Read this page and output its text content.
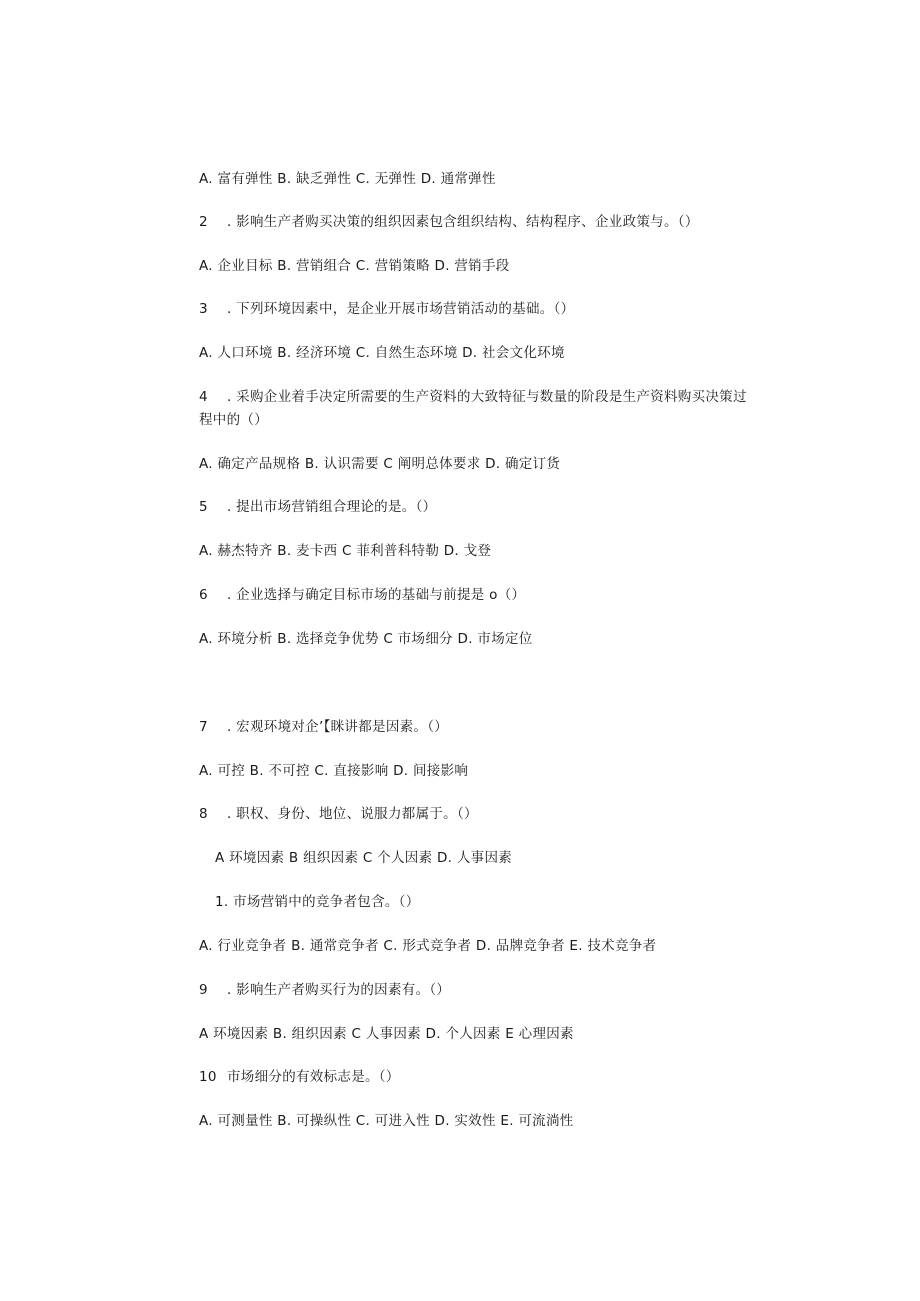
A. 富有弹性 B. 缺乏弹性 C. 无弹性 D. 通常弹性
2 . 影响生产者购买决策的组织因素包含组织结构、结构程序、企业政策与。（）
A. 企业目标 B. 营销组合 C. 营销策略 D. 营销手段
3 . 下列环境因素中，是企业开展市场营销活动的基础。（）
A. 人口环境 B. 经济环境 C. 自然生态环境 D. 社会文化环境
4 . 采购企业着手决定所需要的生产资料的大致特征与数量的阶段是生产资料购买决策过
程中的（）
A. 确定产品规格 B. 认识需要 C 阐明总体要求 D. 确定订货
5 . 提出市场营销组合理论的是。（）
A. 赫杰特齐 B. 麦卡西 C 菲利普科特勒 D. 戈登
6 . 企业选择与确定目标市场的基础与前提是 o（）
A. 环境分析 B. 选择竞争优势 C 市场细分 D. 市场定位
7 . 宏观环境对企’【眯讲都是因素。（）
A. 可控 B. 不可控 C. 直接影响 D. 间接影响
8 . 职权、身份、地位、说服力都属于。（）
A 环境因素 B 组织因素 C 个人因素 D. 人事因素
1. 市场营销中的竞争者包含。（）
A. 行业竞争者 B. 通常竞争者 C. 形式竞争者 D. 品牌竞争者 E. 技术竞争者
9 . 影响生产者购买行为的因素有。（）
A 环境因素 B. 组织因素 C 人事因素 D. 个人因素 E 心理因素
10 市场细分的有效标志是。（）
A. 可测量性 B. 可操纵性 C. 可进入性 D. 实效性 E. 可流淌性
